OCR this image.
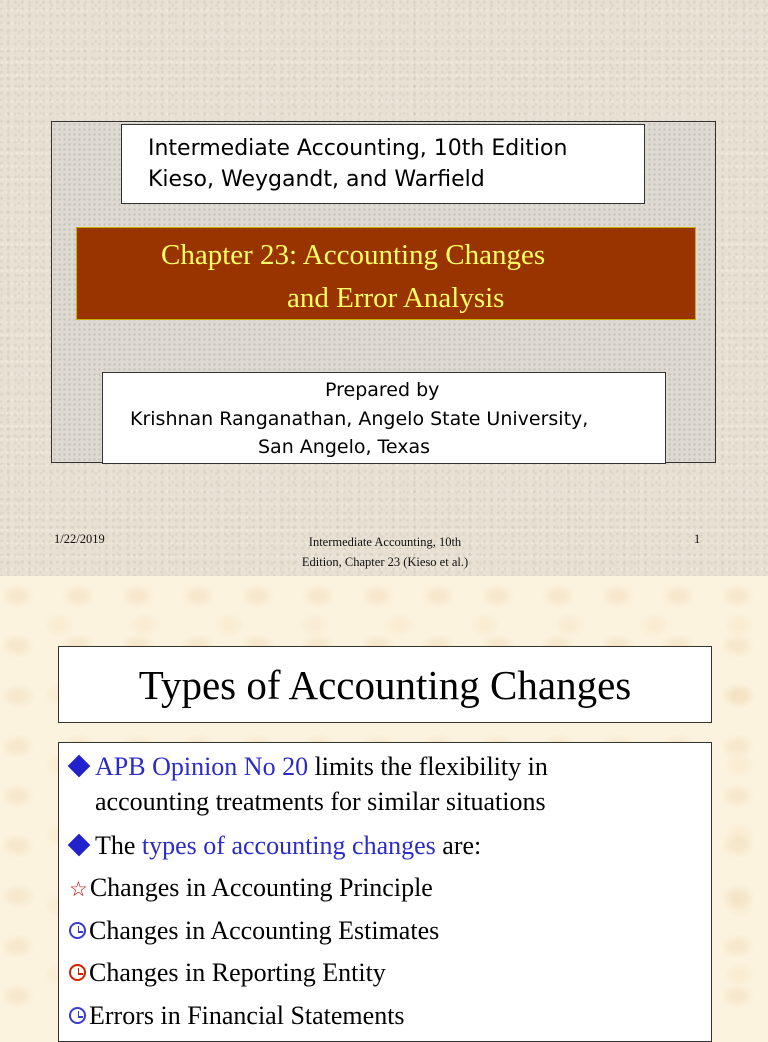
Intermediate Accounting, 10th Edition
Kieso, Weygandt, and Warfield
Chapter 23: Accounting Changes
and Error Analysis
Prepared by
Krishnan Ranganathan, Angelo State University,
San Angelo, Texas
1/22/2019	Intermediate Accounting, 10th
Edition, Chapter 23 (Kieso et al.)
1
Types of Accounting Changes
APB Opinion No 20 limits the flexibility in
accounting treatments for similar situations
The types of accounting changes are:
☆Changes in Accounting Principle
Changes in Accounting Estimates
Changes in Reporting Entity
Errors in Financial Statements
